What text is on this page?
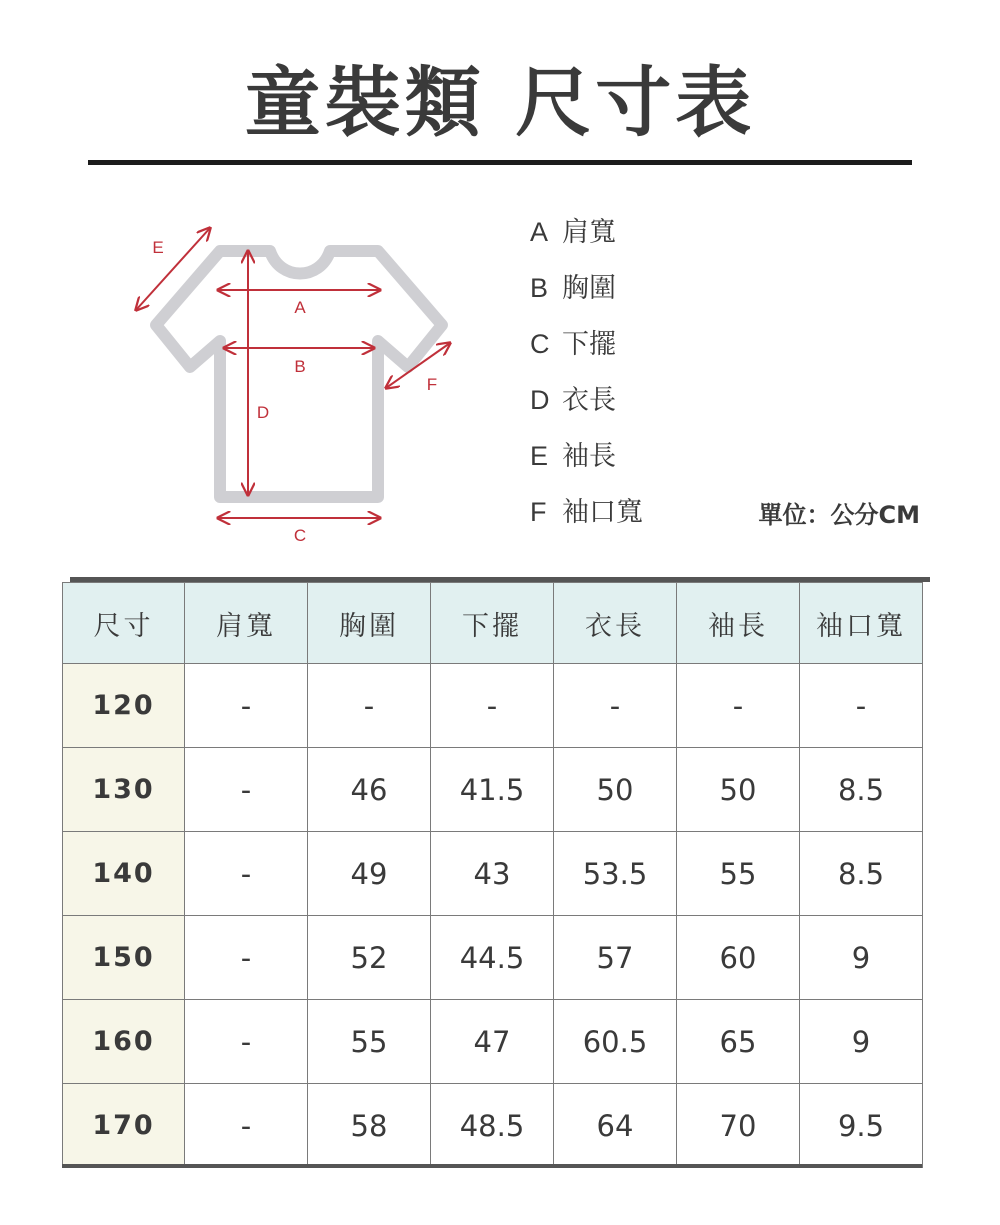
童裝類 尺寸表
A
B
D
C
E
F
A 肩寬
B 胸圍
C 下擺
D 衣長
E 袖長
F 袖口寬	單位：公分CM
尺寸	肩寬	胸圍	下擺	衣長	袖長	袖口寬
120	-	-	-	-	-	-
130	-	46	41.5	50	50	8.5
140	-	49	43	53.5	55	8.5
150	-	52	44.5	57	60	9
160	-	55	47	60.5	65	9
170	-	58	48.5	64	70	9.5
